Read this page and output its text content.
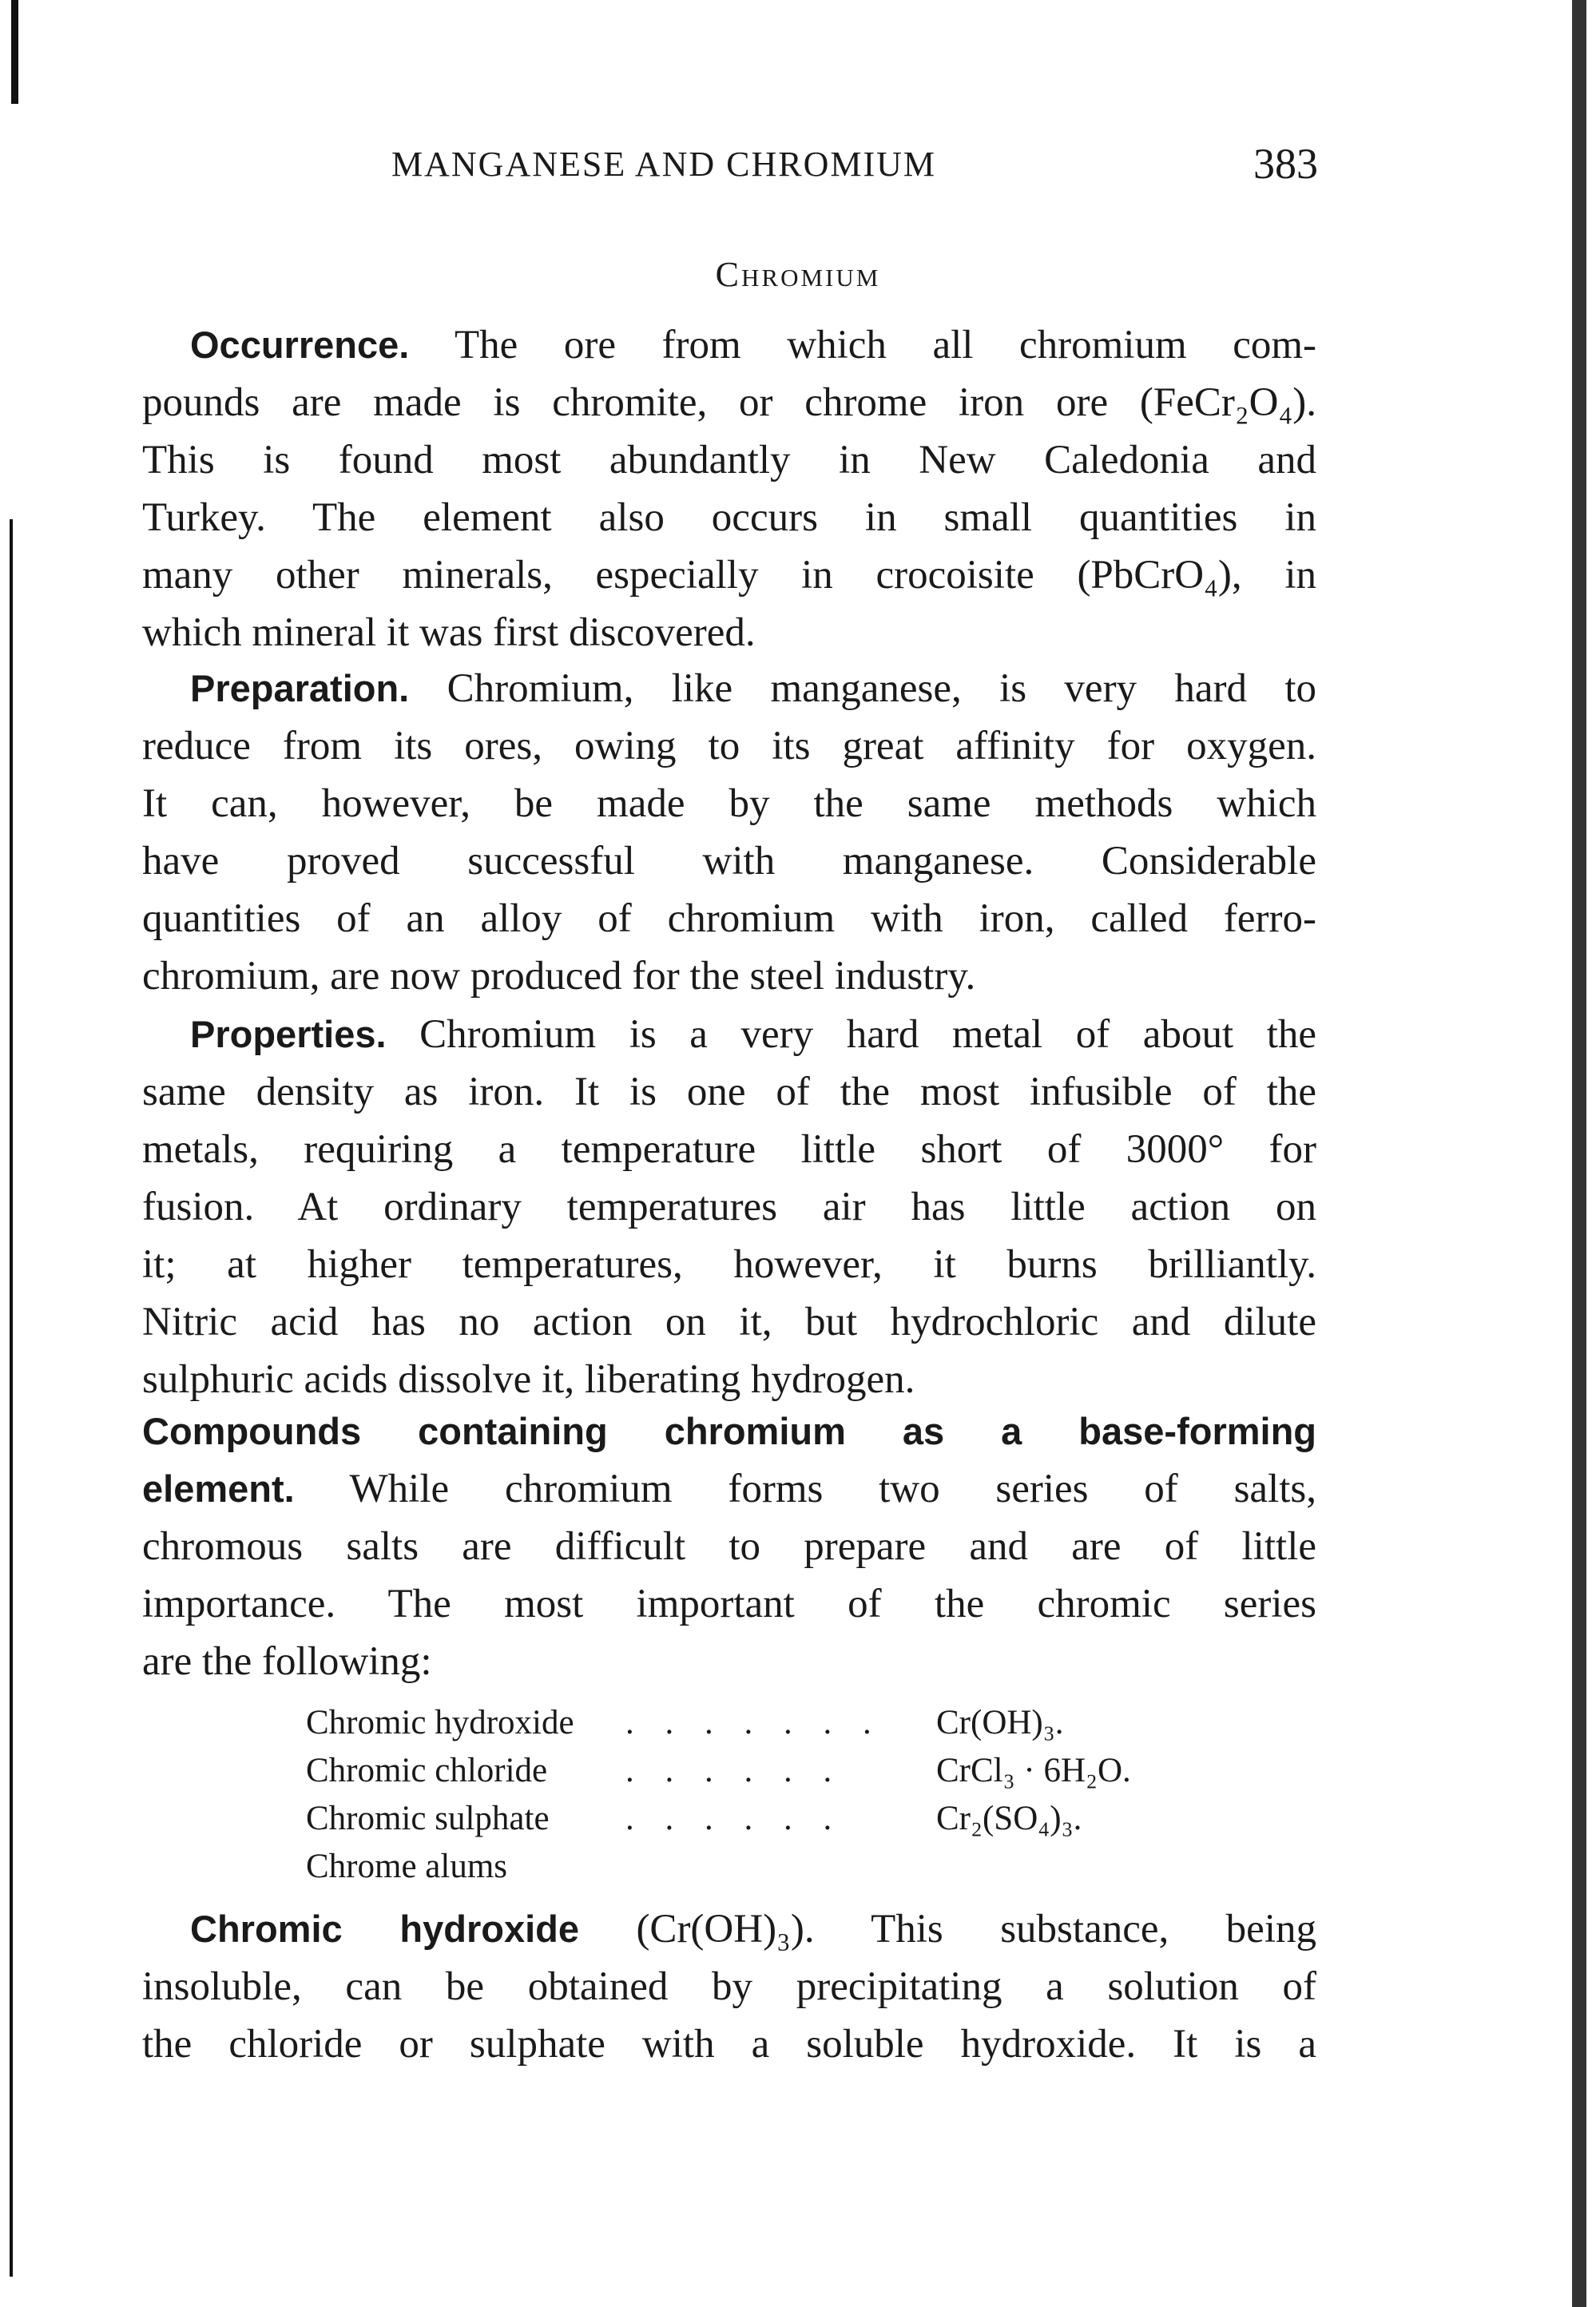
MANGANESE AND CHROMIUM	383
Chromium
Occurrence. The ore from which all chromium com-
pounds are made is chromite, or chrome iron ore (FeCr₂O₄).
This is found most abundantly in New Caledonia and
Turkey. The element also occurs in small quantities in
many other minerals, especially in crocoisite (PbCrO₄), in
which mineral it was first discovered.
Preparation. Chromium, like manganese, is very hard to
reduce from its ores, owing to its great affinity for oxygen.
It can, however, be made by the same methods which
have proved successful with manganese. Considerable
quantities of an alloy of chromium with iron, called ferro-
chromium, are now produced for the steel industry.
Properties. Chromium is a very hard metal of about the
same density as iron. It is one of the most infusible of the
metals, requiring a temperature little short of 3000° for
fusion. At ordinary temperatures air has little action on
it; at higher temperatures, however, it burns brilliantly.
Nitric acid has no action on it, but hydrochloric and dilute
sulphuric acids dissolve it, liberating hydrogen.
Compounds containing chromium as a base-forming
element. While chromium forms two series of salts,
chromous salts are difficult to prepare and are of little
importance. The most important of the chromic series
are the following:
Chromic hydroxide (Cr(OH)₃). This substance, being
insoluble, can be obtained by precipitating a solution of
the chloride or sulphate with a soluble hydroxide. It is a
Chromic hydroxide . . . . . . . Cr(OH)₃.
Chromic chloride . . . . . .	CrCl₃ · 6H₂O.
Chromic sulphate . . . . . .	Cr₂(SO₄)₃.
Chrome alums
